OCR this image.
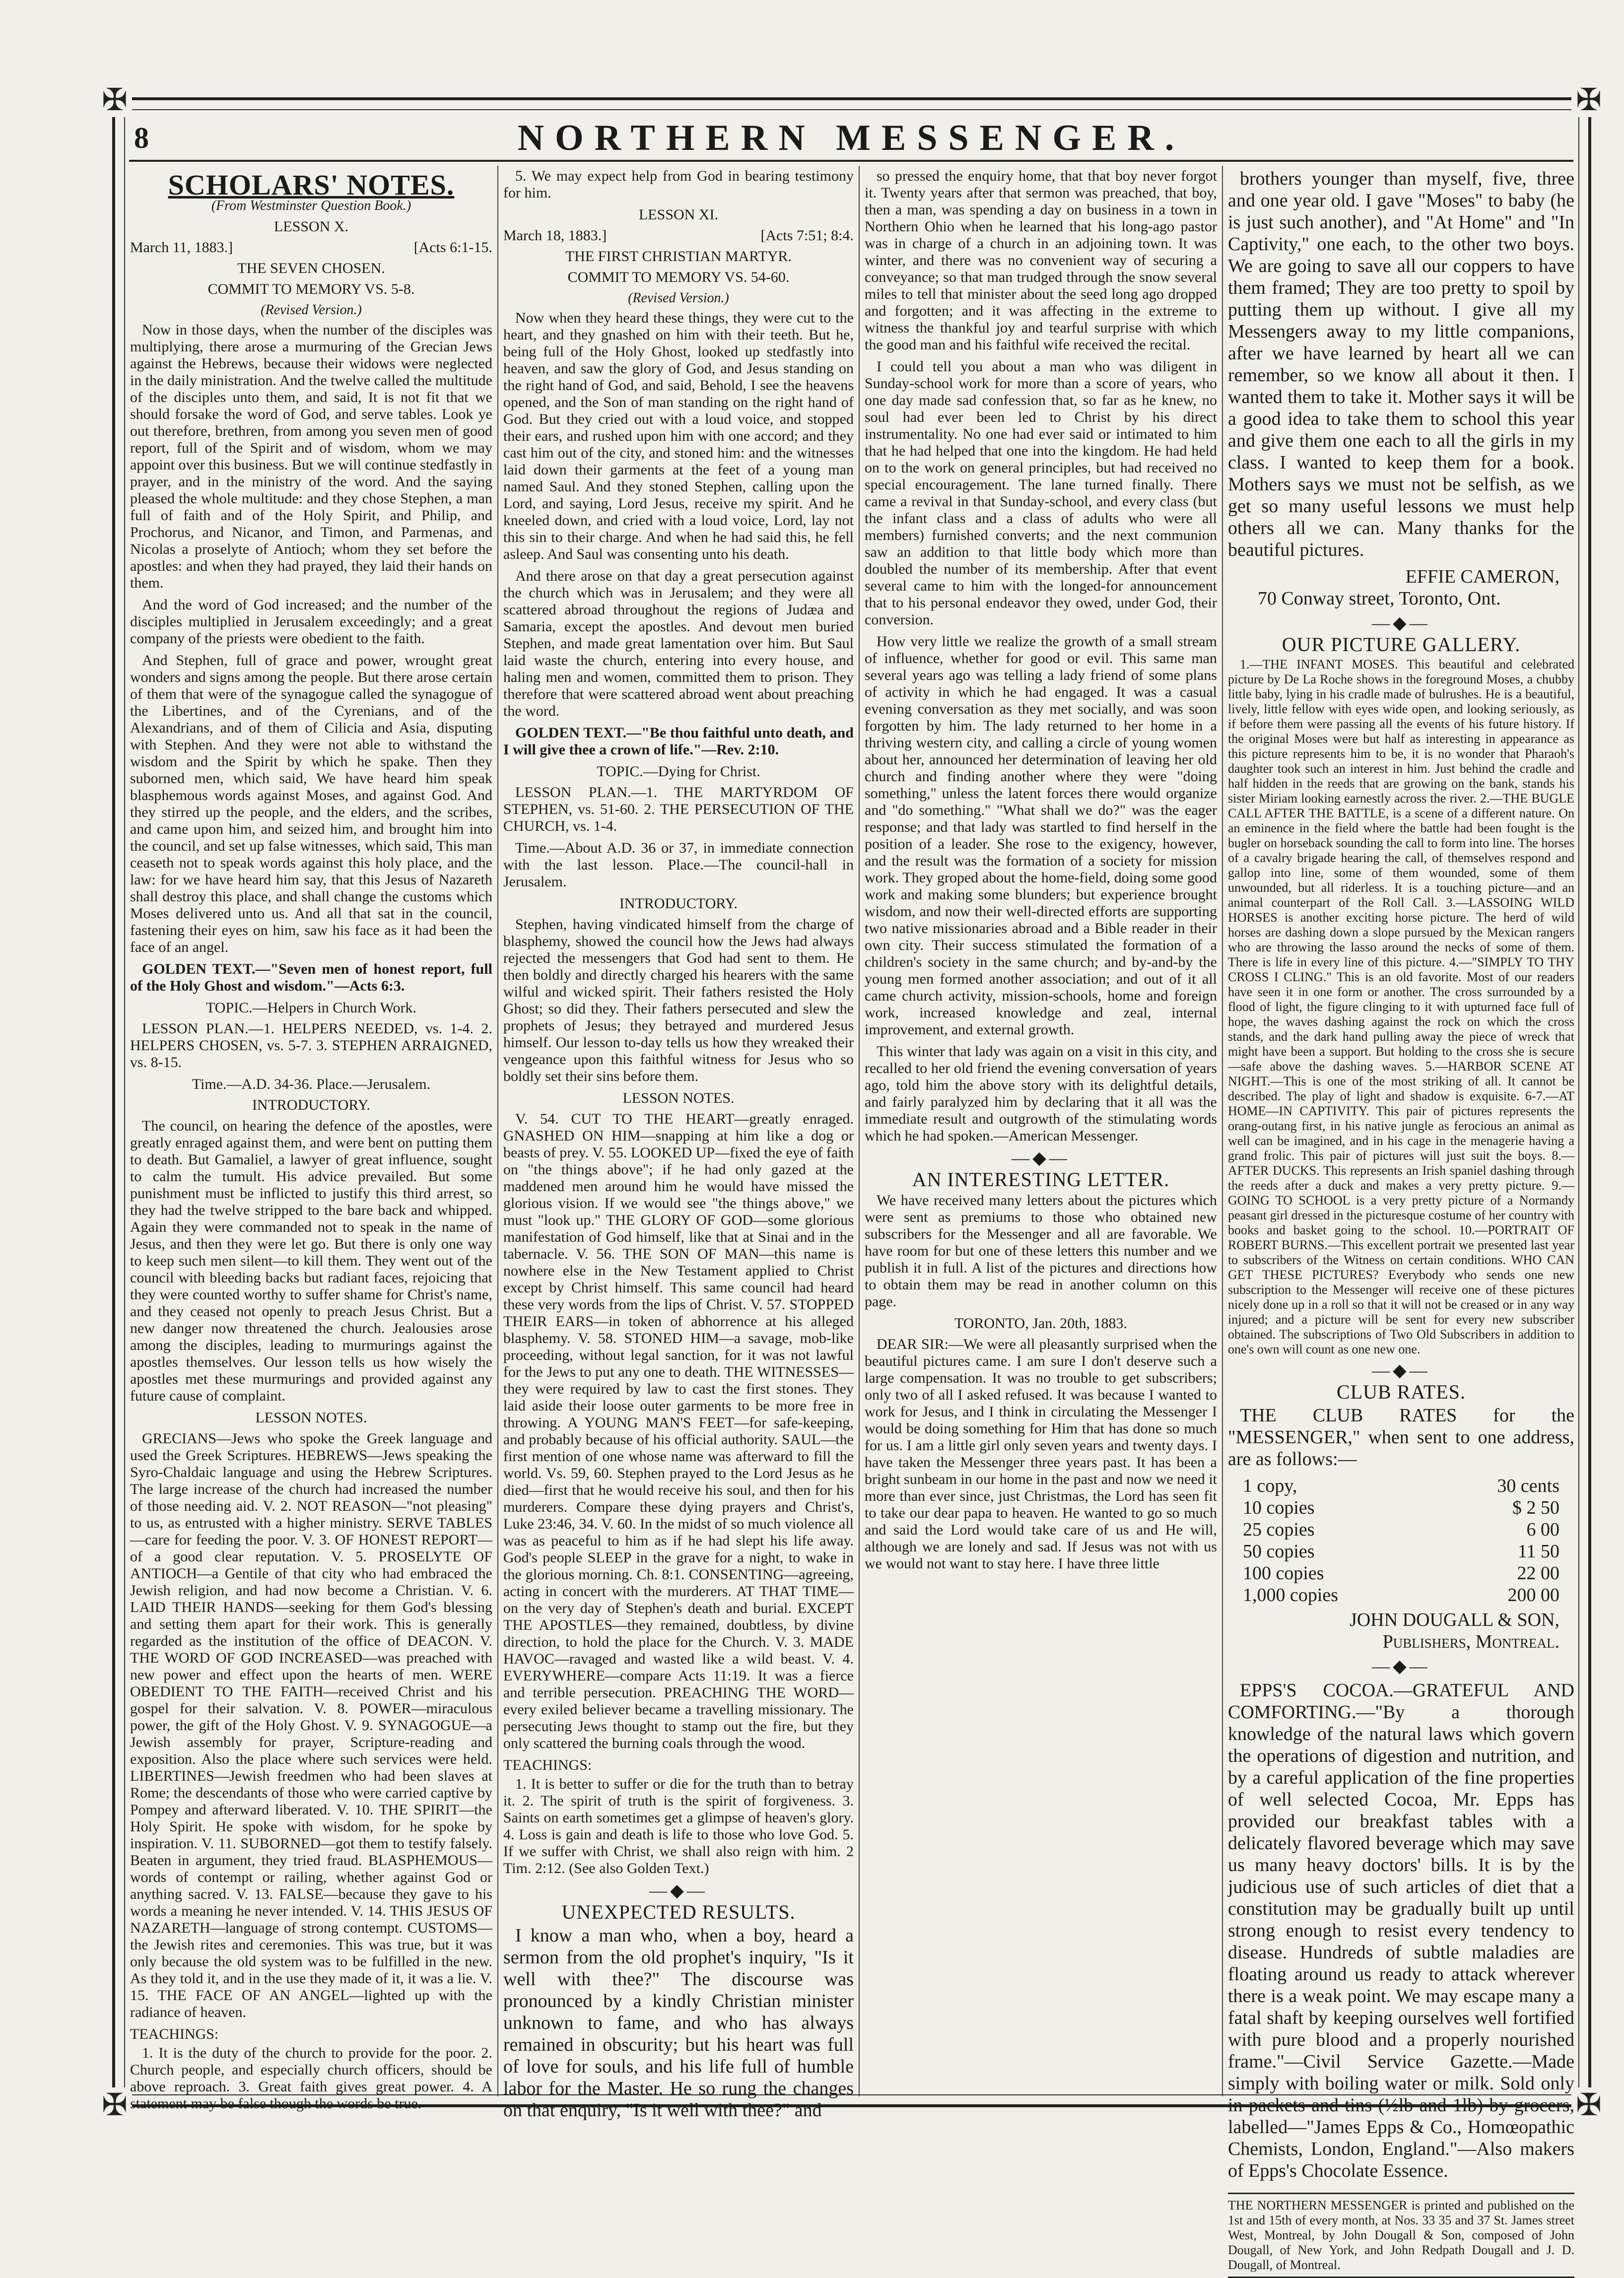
✠	✠
✠	✠
8	NORTHERN MESSENGER.
SCHOLARS' NOTES.
(From Westminster Question Book.)
LESSON X.
March 11, 1883.]	[Acts 6:1-15.
THE SEVEN CHOSEN.
COMMIT TO MEMORY VS. 5-8.
(Revised Version.)
Now in those days, when the number of the disciples was multiplying, there arose a murmuring of the Grecian Jews against the Hebrews, because their widows were neglected in the daily ministration. And the twelve called the multitude of the disciples unto them, and said, It is not fit that we should forsake the word of God, and serve tables. Look ye out therefore, brethren, from among you seven men of good report, full of the Spirit and of wisdom, whom we may appoint over this business. But we will continue stedfastly in prayer, and in the ministry of the word. And the saying pleased the whole multitude: and they chose Stephen, a man full of faith and of the Holy Spirit, and Philip, and Prochorus, and Nicanor, and Timon, and Parmenas, and Nicolas a proselyte of Antioch; whom they set before the apostles: and when they had prayed, they laid their hands on them.
And the word of God increased; and the number of the disciples multiplied in Jerusalem exceedingly; and a great company of the priests were obedient to the faith.
And Stephen, full of grace and power, wrought great wonders and signs among the people. But there arose certain of them that were of the synagogue called the synagogue of the Libertines, and of the Cyrenians, and of the Alexandrians, and of them of Cilicia and Asia, disputing with Stephen. And they were not able to withstand the wisdom and the Spirit by which he spake. Then they suborned men, which said, We have heard him speak blasphemous words against Moses, and against God. And they stirred up the people, and the elders, and the scribes, and came upon him, and seized him, and brought him into the council, and set up false witnesses, which said, This man ceaseth not to speak words against this holy place, and the law: for we have heard him say, that this Jesus of Nazareth shall destroy this place, and shall change the customs which Moses delivered unto us. And all that sat in the council, fastening their eyes on him, saw his face as it had been the face of an angel.
GOLDEN TEXT.—"Seven men of honest report, full of the Holy Ghost and wisdom."—Acts 6:3.
TOPIC.—Helpers in Church Work.
LESSON PLAN.—1. HELPERS NEEDED, vs. 1-4. 2. HELPERS CHOSEN, vs. 5-7. 3. STEPHEN ARRAIGNED, vs. 8-15.
Time.—A.D. 34-36. Place.—Jerusalem.
INTRODUCTORY.
The council, on hearing the defence of the apostles, were greatly enraged against them, and were bent on putting them to death. But Gamaliel, a lawyer of great influence, sought to calm the tumult. His advice prevailed. But some punishment must be inflicted to justify this third arrest, so they had the twelve stripped to the bare back and whipped. Again they were commanded not to speak in the name of Jesus, and then they were let go. But there is only one way to keep such men silent—to kill them. They went out of the council with bleeding backs but radiant faces, rejoicing that they were counted worthy to suffer shame for Christ's name, and they ceased not openly to preach Jesus Christ. But a new danger now threatened the church. Jealousies arose among the disciples, leading to murmurings against the apostles themselves. Our lesson tells us how wisely the apostles met these murmurings and provided against any future cause of complaint.
LESSON NOTES.
GRECIANS—Jews who spoke the Greek language and used the Greek Scriptures. HEBREWS—Jews speaking the Syro-Chaldaic language and using the Hebrew Scriptures. The large increase of the church had increased the number of those needing aid. V. 2. NOT REASON—"not pleasing" to us, as entrusted with a higher ministry. SERVE TABLES—care for feeding the poor. V. 3. OF HONEST REPORT—of a good clear reputation. V. 5. PROSELYTE OF ANTIOCH—a Gentile of that city who had embraced the Jewish religion, and had now become a Christian. V. 6. LAID THEIR HANDS—seeking for them God's blessing and setting them apart for their work. This is generally regarded as the institution of the office of DEACON. V. THE WORD OF GOD INCREASED—was preached with new power and effect upon the hearts of men. WERE OBEDIENT TO THE FAITH—received Christ and his gospel for their salvation. V. 8. POWER—miraculous power, the gift of the Holy Ghost. V. 9. SYNAGOGUE—a Jewish assembly for prayer, Scripture-reading and exposition. Also the place where such services were held. LIBERTINES—Jewish freedmen who had been slaves at Rome; the descendants of those who were carried captive by Pompey and afterward liberated. V. 10. THE SPIRIT—the Holy Spirit. He spoke with wisdom, for he spoke by inspiration. V. 11. SUBORNED—got them to testify falsely. Beaten in argument, they tried fraud. BLASPHEMOUS—words of contempt or railing, whether against God or anything sacred. V. 13. FALSE—because they gave to his words a meaning he never intended. V. 14. THIS JESUS OF NAZARETH—language of strong contempt. CUSTOMS—the Jewish rites and ceremonies. This was true, but it was only because the old system was to be fulfilled in the new. As they told it, and in the use they made of it, it was a lie. V. 15. THE FACE OF AN ANGEL—lighted up with the radiance of heaven.
TEACHINGS:
1. It is the duty of the church to provide for the poor. 2. Church people, and especially church officers, should be above reproach. 3. Great faith gives great power. 4. A statement may be false though the words be true.
5. We may expect help from God in bearing testimony for him.
LESSON XI.
March 18, 1883.]	[Acts 7:51; 8:4.
THE FIRST CHRISTIAN MARTYR.
COMMIT TO MEMORY VS. 54-60.
(Revised Version.)
Now when they heard these things, they were cut to the heart, and they gnashed on him with their teeth. But he, being full of the Holy Ghost, looked up stedfastly into heaven, and saw the glory of God, and Jesus standing on the right hand of God, and said, Behold, I see the heavens opened, and the Son of man standing on the right hand of God. But they cried out with a loud voice, and stopped their ears, and rushed upon him with one accord; and they cast him out of the city, and stoned him: and the witnesses laid down their garments at the feet of a young man named Saul. And they stoned Stephen, calling upon the Lord, and saying, Lord Jesus, receive my spirit. And he kneeled down, and cried with a loud voice, Lord, lay not this sin to their charge. And when he had said this, he fell asleep. And Saul was consenting unto his death.
And there arose on that day a great persecution against the church which was in Jerusalem; and they were all scattered abroad throughout the regions of Judæa and Samaria, except the apostles. And devout men buried Stephen, and made great lamentation over him. But Saul laid waste the church, entering into every house, and haling men and women, committed them to prison. They therefore that were scattered abroad went about preaching the word.
GOLDEN TEXT.—"Be thou faithful unto death, and I will give thee a crown of life."—Rev. 2:10.
TOPIC.—Dying for Christ.
LESSON PLAN.—1. THE MARTYRDOM OF STEPHEN, vs. 51-60. 2. THE PERSECUTION OF THE CHURCH, vs. 1-4.
Time.—About A.D. 36 or 37, in immediate connection with the last lesson. Place.—The council-hall in Jerusalem.
INTRODUCTORY.
Stephen, having vindicated himself from the charge of blasphemy, showed the council how the Jews had always rejected the messengers that God had sent to them. He then boldly and directly charged his hearers with the same wilful and wicked spirit. Their fathers resisted the Holy Ghost; so did they. Their fathers persecuted and slew the prophets of Jesus; they betrayed and murdered Jesus himself. Our lesson to-day tells us how they wreaked their vengeance upon this faithful witness for Jesus who so boldly set their sins before them.
LESSON NOTES.
V. 54. CUT TO THE HEART—greatly enraged. GNASHED ON HIM—snapping at him like a dog or beasts of prey. V. 55. LOOKED UP—fixed the eye of faith on "the things above"; if he had only gazed at the maddened men around him he would have missed the glorious vision. If we would see "the things above," we must "look up." THE GLORY OF GOD—some glorious manifestation of God himself, like that at Sinai and in the tabernacle. V. 56. THE SON OF MAN—this name is nowhere else in the New Testament applied to Christ except by Christ himself. This same council had heard these very words from the lips of Christ. V. 57. STOPPED THEIR EARS—in token of abhorrence at his alleged blasphemy. V. 58. STONED HIM—a savage, mob-like proceeding, without legal sanction, for it was not lawful for the Jews to put any one to death. THE WITNESSES—they were required by law to cast the first stones. They laid aside their loose outer garments to be more free in throwing. A YOUNG MAN'S FEET—for safe-keeping, and probably because of his official authority. SAUL—the first mention of one whose name was afterward to fill the world. Vs. 59, 60. Stephen prayed to the Lord Jesus as he died—first that he would receive his soul, and then for his murderers. Compare these dying prayers and Christ's, Luke 23:46, 34. V. 60. In the midst of so much violence all was as peaceful to him as if he had slept his life away. God's people SLEEP in the grave for a night, to wake in the glorious morning. Ch. 8:1. CONSENTING—agreeing, acting in concert with the murderers. AT THAT TIME—on the very day of Stephen's death and burial. EXCEPT THE APOSTLES—they remained, doubtless, by divine direction, to hold the place for the Church. V. 3. MADE HAVOC—ravaged and wasted like a wild beast. V. 4. EVERYWHERE—compare Acts 11:19. It was a fierce and terrible persecution. PREACHING THE WORD—every exiled believer became a travelling missionary. The persecuting Jews thought to stamp out the fire, but they only scattered the burning coals through the wood.
TEACHINGS:
1. It is better to suffer or die for the truth than to betray it. 2. The spirit of truth is the spirit of forgiveness. 3. Saints on earth sometimes get a glimpse of heaven's glory. 4. Loss is gain and death is life to those who love God. 5. If we suffer with Christ, we shall also reign with him. 2 Tim. 2:12. (See also Golden Text.)
—◆—
UNEXPECTED RESULTS.
I know a man who, when a boy, heard a sermon from the old prophet's inquiry, "Is it well with thee?" The discourse was pronounced by a kindly Christian minister unknown to fame, and who has always remained in obscurity; but his heart was full of love for souls, and his life full of humble labor for the Master. He so rung the changes on that enquiry, "Is it well with thee?" and
so pressed the enquiry home, that that boy never forgot it. Twenty years after that sermon was preached, that boy, then a man, was spending a day on business in a town in Northern Ohio when he learned that his long-ago pastor was in charge of a church in an adjoining town. It was winter, and there was no convenient way of securing a conveyance; so that man trudged through the snow several miles to tell that minister about the seed long ago dropped and forgotten; and it was affecting in the extreme to witness the thankful joy and tearful surprise with which the good man and his faithful wife received the recital.
I could tell you about a man who was diligent in Sunday-school work for more than a score of years, who one day made sad confession that, so far as he knew, no soul had ever been led to Christ by his direct instrumentality. No one had ever said or intimated to him that he had helped that one into the kingdom. He had held on to the work on general principles, but had received no special encouragement. The lane turned finally. There came a revival in that Sunday-school, and every class (but the infant class and a class of adults who were all members) furnished converts; and the next communion saw an addition to that little body which more than doubled the number of its membership. After that event several came to him with the longed-for announcement that to his personal endeavor they owed, under God, their conversion.
How very little we realize the growth of a small stream of influence, whether for good or evil. This same man several years ago was telling a lady friend of some plans of activity in which he had engaged. It was a casual evening conversation as they met socially, and was soon forgotten by him. The lady returned to her home in a thriving western city, and calling a circle of young women about her, announced her determination of leaving her old church and finding another where they were "doing something," unless the latent forces there would organize and "do something." "What shall we do?" was the eager response; and that lady was startled to find herself in the position of a leader. She rose to the exigency, however, and the result was the formation of a society for mission work. They groped about the home-field, doing some good work and making some blunders; but experience brought wisdom, and now their well-directed efforts are supporting two native missionaries abroad and a Bible reader in their own city. Their success stimulated the formation of a children's society in the same church; and by-and-by the young men formed another association; and out of it all came church activity, mission-schools, home and foreign work, increased knowledge and zeal, internal improvement, and external growth.
This winter that lady was again on a visit in this city, and recalled to her old friend the evening conversation of years ago, told him the above story with its delightful details, and fairly paralyzed him by declaring that it all was the immediate result and outgrowth of the stimulating words which he had spoken.—American Messenger.
—◆—
AN INTERESTING LETTER.
We have received many letters about the pictures which were sent as premiums to those who obtained new subscribers for the Messenger and all are favorable. We have room for but one of these letters this number and we publish it in full. A list of the pictures and directions how to obtain them may be read in another column on this page.
TORONTO, Jan. 20th, 1883.
DEAR SIR:—We were all pleasantly surprised when the beautiful pictures came. I am sure I don't deserve such a large compensation. It was no trouble to get subscribers; only two of all I asked refused. It was because I wanted to work for Jesus, and I think in circulating the Messenger I would be doing something for Him that has done so much for us. I am a little girl only seven years and twenty days. I have taken the Messenger three years past. It has been a bright sunbeam in our home in the past and now we need it more than ever since, just Christmas, the Lord has seen fit to take our dear papa to heaven. He wanted to go so much and said the Lord would take care of us and He will, although we are lonely and sad. If Jesus was not with us we would not want to stay here. I have three little
brothers younger than myself, five, three and one year old. I gave "Moses" to baby (he is just such another), and "At Home" and "In Captivity," one each, to the other two boys. We are going to save all our coppers to have them framed; They are too pretty to spoil by putting them up without. I give all my Messengers away to my little companions, after we have learned by heart all we can remember, so we know all about it then. I wanted them to take it. Mother says it will be a good idea to take them to school this year and give them one each to all the girls in my class. I wanted to keep them for a book. Mothers says we must not be selfish, as we get so many useful lessons we must help others all we can. Many thanks for the beautiful pictures.
EFFIE CAMERON,
70 Conway street, Toronto, Ont.
—◆—
OUR PICTURE GALLERY.
1.—THE INFANT MOSES. This beautiful and celebrated picture by De La Roche shows in the foreground Moses, a chubby little baby, lying in his cradle made of bulrushes. He is a beautiful, lively, little fellow with eyes wide open, and looking seriously, as if before them were passing all the events of his future history. If the original Moses were but half as interesting in appearance as this picture represents him to be, it is no wonder that Pharaoh's daughter took such an interest in him. Just behind the cradle and half hidden in the reeds that are growing on the bank, stands his sister Miriam looking earnestly across the river. 2.—THE BUGLE CALL AFTER THE BATTLE, is a scene of a different nature. On an eminence in the field where the battle had been fought is the bugler on horseback sounding the call to form into line. The horses of a cavalry brigade hearing the call, of themselves respond and gallop into line, some of them wounded, some of them unwounded, but all riderless. It is a touching picture—and an animal counterpart of the Roll Call. 3.—LASSOING WILD HORSES is another exciting horse picture. The herd of wild horses are dashing down a slope pursued by the Mexican rangers who are throwing the lasso around the necks of some of them. There is life in every line of this picture. 4.—"SIMPLY TO THY CROSS I CLING." This is an old favorite. Most of our readers have seen it in one form or another. The cross surrounded by a flood of light, the figure clinging to it with upturned face full of hope, the waves dashing against the rock on which the cross stands, and the dark hand pulling away the piece of wreck that might have been a support. But holding to the cross she is secure—safe above the dashing waves. 5.—HARBOR SCENE AT NIGHT.—This is one of the most striking of all. It cannot be described. The play of light and shadow is exquisite. 6-7.—AT HOME—IN CAPTIVITY. This pair of pictures represents the orang-outang first, in his native jungle as ferocious an animal as well can be imagined, and in his cage in the menagerie having a grand frolic. This pair of pictures will just suit the boys. 8.—AFTER DUCKS. This represents an Irish spaniel dashing through the reeds after a duck and makes a very pretty picture. 9.—GOING TO SCHOOL is a very pretty picture of a Normandy peasant girl dressed in the picturesque costume of her country with books and basket going to the school. 10.—PORTRAIT OF ROBERT BURNS.—This excellent portrait we presented last year to subscribers of the Witness on certain conditions. WHO CAN GET THESE PICTURES? Everybody who sends one new subscription to the Messenger will receive one of these pictures nicely done up in a roll so that it will not be creased or in any way injured; and a picture will be sent for every new subscriber obtained. The subscriptions of Two Old Subscribers in addition to one's own will count as one new one.
—◆—
CLUB RATES.
THE CLUB RATES for the "MESSENGER," when sent to one address, are as follows:—
1 copy,	30 cents
10 copies	$ 2 50
25 copies	6 00
50 copies	11 50
100 copies	22 00
1,000 copies	200 00
JOHN DOUGALL & SON,
Publishers, Montreal.
—◆—
EPPS'S COCOA.—GRATEFUL AND COMFORTING.—"By a thorough knowledge of the natural laws which govern the operations of digestion and nutrition, and by a careful application of the fine properties of well selected Cocoa, Mr. Epps has provided our breakfast tables with a delicately flavored beverage which may save us many heavy doctors' bills. It is by the judicious use of such articles of diet that a constitution may be gradually built up until strong enough to resist every tendency to disease. Hundreds of subtle maladies are floating around us ready to attack wherever there is a weak point. We may escape many a fatal shaft by keeping ourselves well fortified with pure blood and a properly nourished frame."—Civil Service Gazette.—Made simply with boiling water or milk. Sold only in packets and tins (½lb and 1lb) by grocers, labelled—"James Epps & Co., Homœopathic Chemists, London, England."—Also makers of Epps's Chocolate Essence.
THE NORTHERN MESSENGER is printed and published on the 1st and 15th of every month, at Nos. 33 35 and 37 St. James street West, Montreal, by John Dougall & Son, composed of John Dougall, of New York, and John Redpath Dougall and J. D. Dougall, of Montreal.
